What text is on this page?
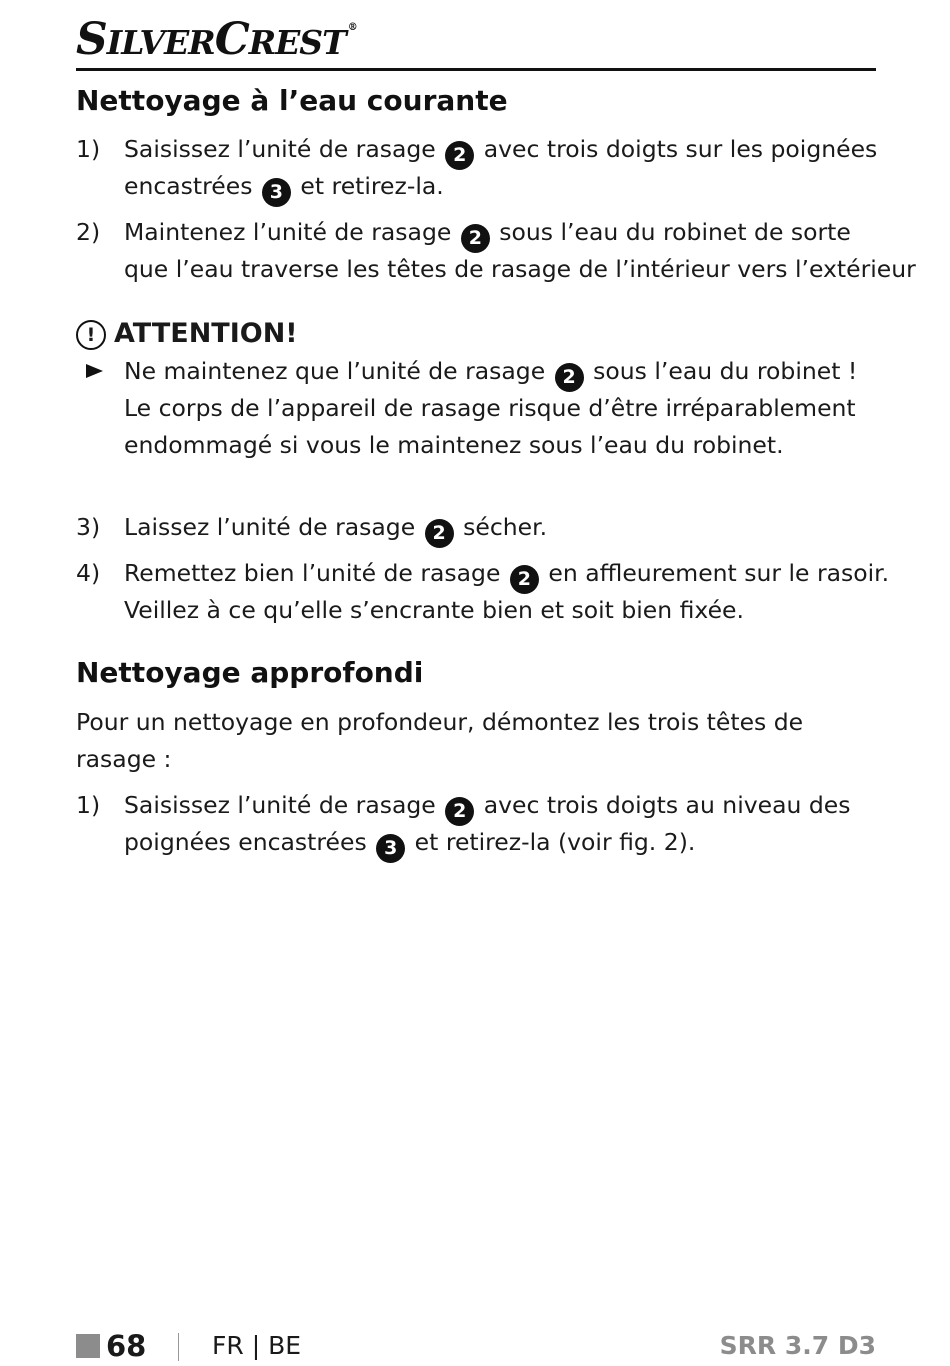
SILVERCREST ®
Nettoyage à l’eau courante
1) Saisissez l’unité de rasage 2 avec trois doigts sur les poignées
encastrées 3 et retirez-la.
2) Maintenez l’unité de rasage 2 sous l’eau du robinet de sorte
que l’eau traverse les têtes de rasage de l’intérieur vers l’extérieur
! ATTENTION!
Ne maintenez que l’unité de rasage 2 sous l’eau du robinet !
Le corps de l’appareil de rasage risque d’être irréparablement
endommagé si vous le maintenez sous l’eau du robinet.
3) Laissez l’unité de rasage 2 sécher.
4) Remettez bien l’unité de rasage 2 en affleurement sur le rasoir.
Veillez à ce qu’elle s’encrante bien et soit bien fixée.
Nettoyage approfondi
Pour un nettoyage en profondeur, démontez les trois têtes de
rasage :
1) Saisissez l’unité de rasage 2 avec trois doigts au niveau des
poignées encastrées 3 et retirez-la (voir fig. 2).
68	FR | BE	SRR 3.7 D3
